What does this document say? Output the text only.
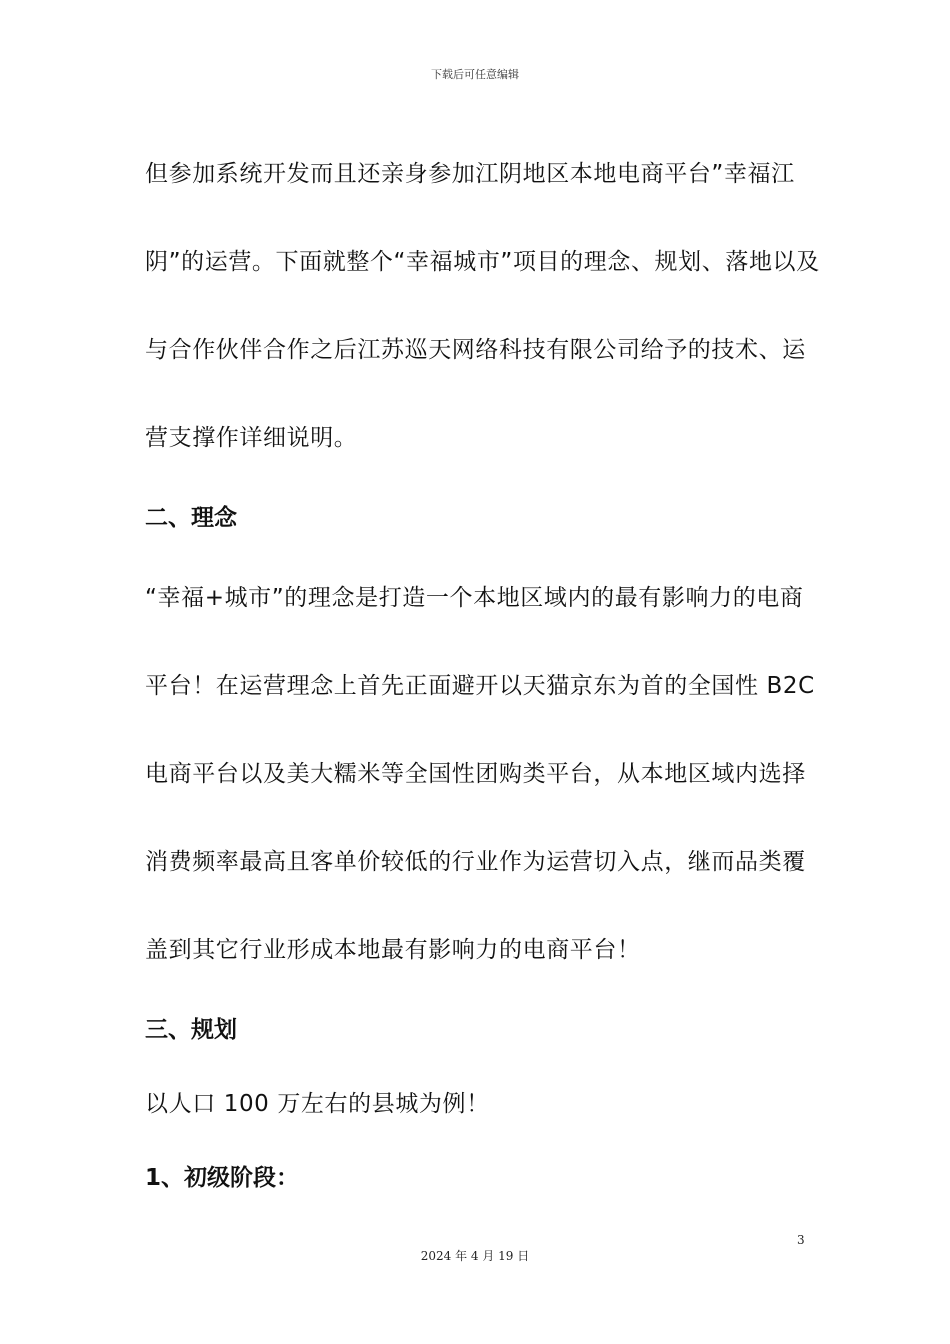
下载后可任意编辑
但参加系统开发而且还亲身参加江阴地区本地电商平台”幸福江
阴”的运营。下面就整个“幸福城市”项目的理念、规划、落地以及
与合作伙伴合作之后江苏巡天网络科技有限公司给予的技术、运
营支撑作详细说明。
二、理念
“幸福+城市”的理念是打造一个本地区域内的最有影响力的电商
平台！在运营理念上首先正面避开以天猫京东为首的全国性 B2C
电商平台以及美大糯米等全国性团购类平台，从本地区域内选择
消费频率最高且客单价较低的行业作为运营切入点，继而品类覆
盖到其它行业形成本地最有影响力的电商平台！
三、规划
以人口 100 万左右的县城为例！
1、初级阶段：
3
2024 年 4 月 19 日
